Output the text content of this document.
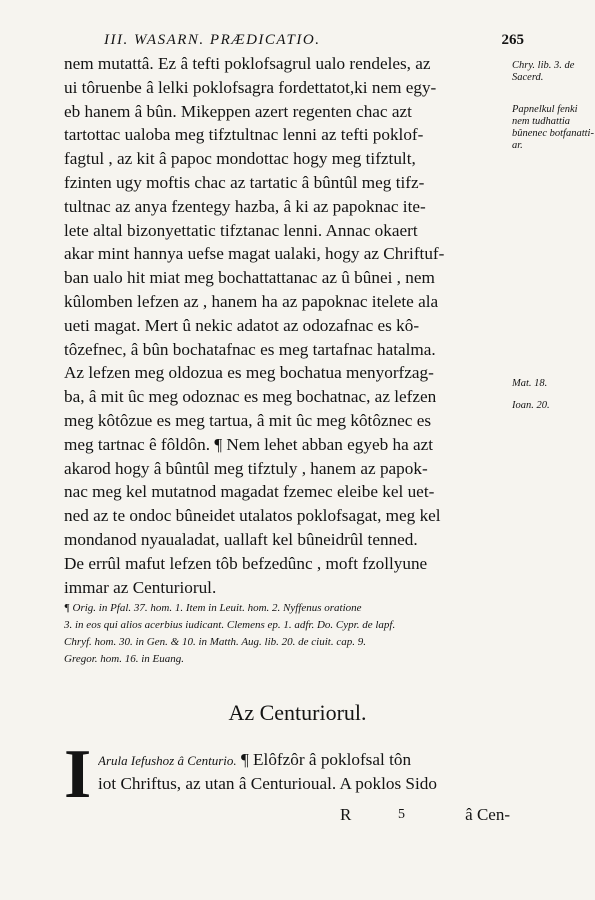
III. WASARN. PRÆDICATIO.	265
nem mutattâ. Ez â tefti poklofsagrul ualo rendeles, az
ui tôruenbe â lelki poklofsagra fordettatot,ki nem egy-
eb hanem â bûn. Mikeppen azert regenten chac azt
tartottac ualoba meg tifztultnac lenni az tefti poklof-
fagtul , az kit â papoc mondottac hogy meg tifztult,
fzinten ugy moftis chac az tartatic â bûntûl meg tifz-
tultnac az anya fzentegy hazba, â ki az papoknac ite-
lete altal bizonyettatic tifztanac lenni. Annac okaert
akar mint hannya uefse magat ualaki, hogy az Chriftuf-
ban ualo hit miat meg bochattattanac az û bûnei , nem
kûlomben lefzen az , hanem ha az papoknac itelete ala
ueti magat. Mert û nekic adatot az odozafnac es kô-
tôzefnec, â bûn bochatafnac es meg tartafnac hatalma.
Az lefzen meg oldozua es meg bochatua menyorfzag-
ba, â mit ûc meg odoznac es meg bochatnac, az lefzen
meg kôtôzue es meg tartua, â mit ûc meg kôtôznec es
meg tartnac ê fôldôn. ¶ Nem lehet abban egyeb ha azt
akarod hogy â bûntûl meg tifztuly , hanem az papok-
nac meg kel mutatnod magadat fzemec eleibe kel uet-
ned az te ondoc bûneidet utalatos poklofsagat, meg kel
mondanod nyaualadat, uallaft kel bûneidrûl tenned.
De errûl mafut lefzen tôb befzedûnc , moft fzollyune
immar az Centuriorul.
Chry. lib. 3. de Sacerd.
Papnelkul fenki nem tudhattia bûnenec botfanatti-ar.
Mat. 18.
Ioan. 20.
¶ Orig. in Pfal. 37. hom. 1. Item in Leuit. hom. 2. Nyffenus oratione
3. in eos qui alios acerbius iudicant. Clemens ep. 1. adfr. Do. Cypr. de lapf.
Chryf. hom. 30. in Gen. & 10. in Matth. Aug. lib. 20. de ciuit. cap. 9.
Gregor. hom. 16. in Euang.
Az Centuriorul.
I Arula Iefushoz â Centurio. ¶ Elôfzôr â poklofsal tôn
iot Chriftus, az utan â Centurioual. A poklos Sido
R	5	â Cen-
